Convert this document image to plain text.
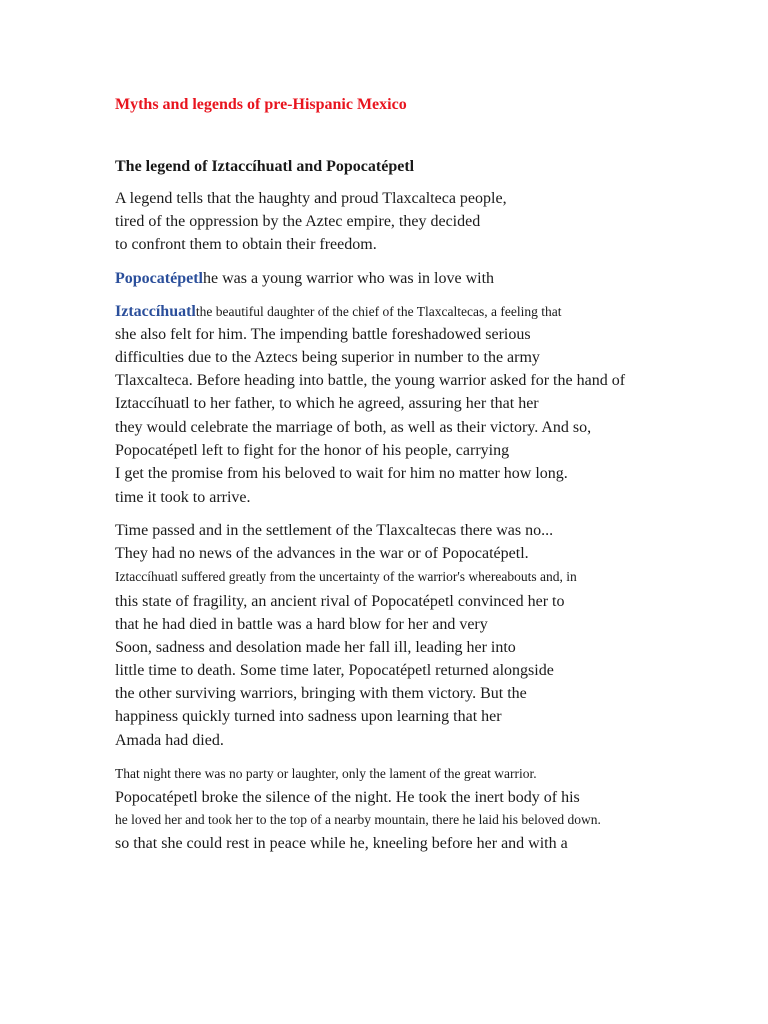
Myths and legends of pre-Hispanic Mexico
The legend of Iztaccíhuatl and Popocatépetl
A legend tells that the haughty and proud Tlaxcalteca people,
tired of the oppression by the Aztec empire, they decided
to confront them to obtain their freedom.
Popocatépetlhe was a young warrior who was in love with
Iztaccíhuatlthe beautiful daughter of the chief of the Tlaxcaltecas, a feeling that
she also felt for him. The impending battle foreshadowed serious
difficulties due to the Aztecs being superior in number to the army
Tlaxcalteca. Before heading into battle, the young warrior asked for the hand of
Iztaccíhuatl to her father, to which he agreed, assuring her that her
they would celebrate the marriage of both, as well as their victory. And so,
Popocatépetl left to fight for the honor of his people, carrying
I get the promise from his beloved to wait for him no matter how long.
time it took to arrive.
Time passed and in the settlement of the Tlaxcaltecas there was no...
They had no news of the advances in the war or of Popocatépetl.
Iztaccíhuatl suffered greatly from the uncertainty of the warrior's whereabouts and, in
this state of fragility, an ancient rival of Popocatépetl convinced her to
that he had died in battle was a hard blow for her and very
Soon, sadness and desolation made her fall ill, leading her into
little time to death. Some time later, Popocatépetl returned alongside
the other surviving warriors, bringing with them victory. But the
happiness quickly turned into sadness upon learning that her
Amada had died.
That night there was no party or laughter, only the lament of the great warrior.
Popocatépetl broke the silence of the night. He took the inert body of his
he loved her and took her to the top of a nearby mountain, there he laid his beloved down.
so that she could rest in peace while he, kneeling before her and with a
